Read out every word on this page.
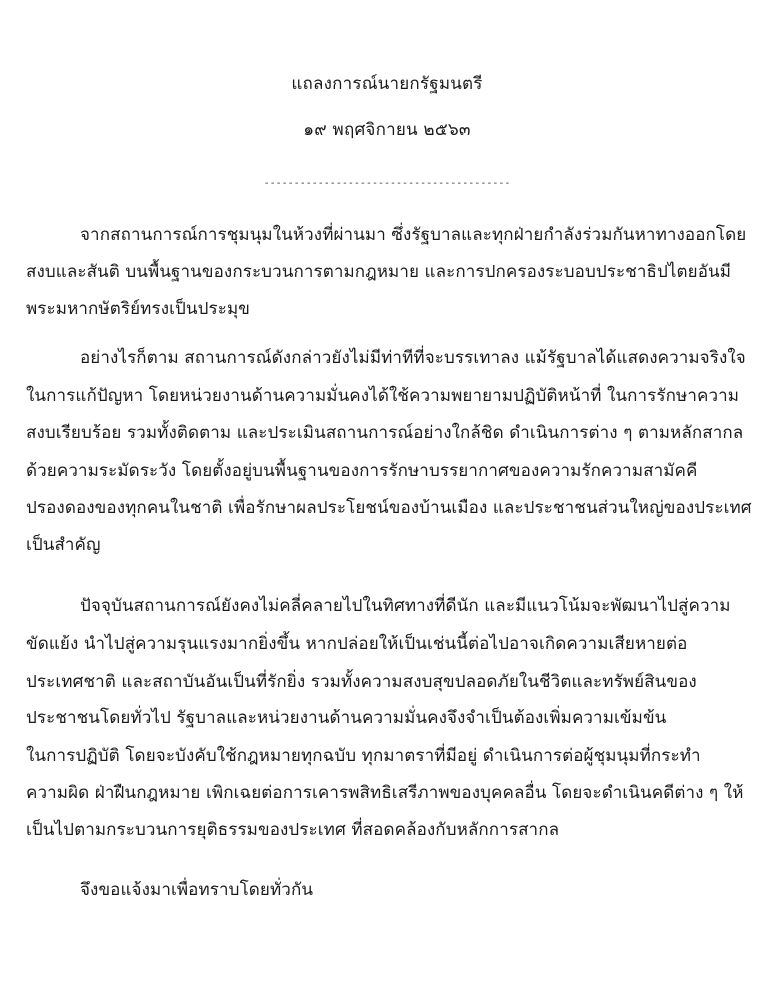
แถลงการณ์นายกรัฐมนตรี
๑๙ พฤศจิกายน ๒๕๖๓
-----------------------------------------
จากสถานการณ์การชุมนุมในห้วงที่ผ่านมา ซึ่งรัฐบาลและทุกฝ่ายกำลังร่วมกันหาทางออกโดย
สงบและสันติ บนพื้นฐานของกระบวนการตามกฎหมาย และการปกครองระบอบประชาธิปไตยอันมี
พระมหากษัตริย์ทรงเป็นประมุข
อย่างไรก็ตาม สถานการณ์ดังกล่าวยังไม่มีท่าทีที่จะบรรเทาลง แม้รัฐบาลได้แสดงความจริงใจ
ในการแก้ปัญหา โดยหน่วยงานด้านความมั่นคงได้ใช้ความพยายามปฏิบัติหน้าที่ ในการรักษาความ
สงบเรียบร้อย รวมทั้งติดตาม และประเมินสถานการณ์อย่างใกล้ชิด ดำเนินการต่าง ๆ ตามหลักสากล
ด้วยความระมัดระวัง โดยตั้งอยู่บนพื้นฐานของการรักษาบรรยากาศของความรักความสามัคคี
ปรองดองของทุกคนในชาติ เพื่อรักษาผลประโยชน์ของบ้านเมือง และประชาชนส่วนใหญ่ของประเทศ
เป็นสำคัญ
ปัจจุบันสถานการณ์ยังคงไม่คลี่คลายไปในทิศทางที่ดีนัก และมีแนวโน้มจะพัฒนาไปสู่ความ
ขัดแย้ง นำไปสู่ความรุนแรงมากยิ่งขึ้น หากปล่อยให้เป็นเช่นนี้ต่อไปอาจเกิดความเสียหายต่อ
ประเทศชาติ และสถาบันอันเป็นที่รักยิ่ง รวมทั้งความสงบสุขปลอดภัยในชีวิตและทรัพย์สินของ
ประชาชนโดยทั่วไป รัฐบาลและหน่วยงานด้านความมั่นคงจึงจำเป็นต้องเพิ่มความเข้มข้น
ในการปฏิบัติ โดยจะบังคับใช้กฎหมายทุกฉบับ ทุกมาตราที่มีอยู่ ดำเนินการต่อผู้ชุมนุมที่กระทำ
ความผิด ฝ่าฝืนกฎหมาย เพิกเฉยต่อการเคารพสิทธิเสรีภาพของบุคคลอื่น โดยจะดำเนินคดีต่าง ๆ ให้
เป็นไปตามกระบวนการยุติธรรมของประเทศ ที่สอดคล้องกับหลักการสากล
จึงขอแจ้งมาเพื่อทราบโดยทั่วกัน
